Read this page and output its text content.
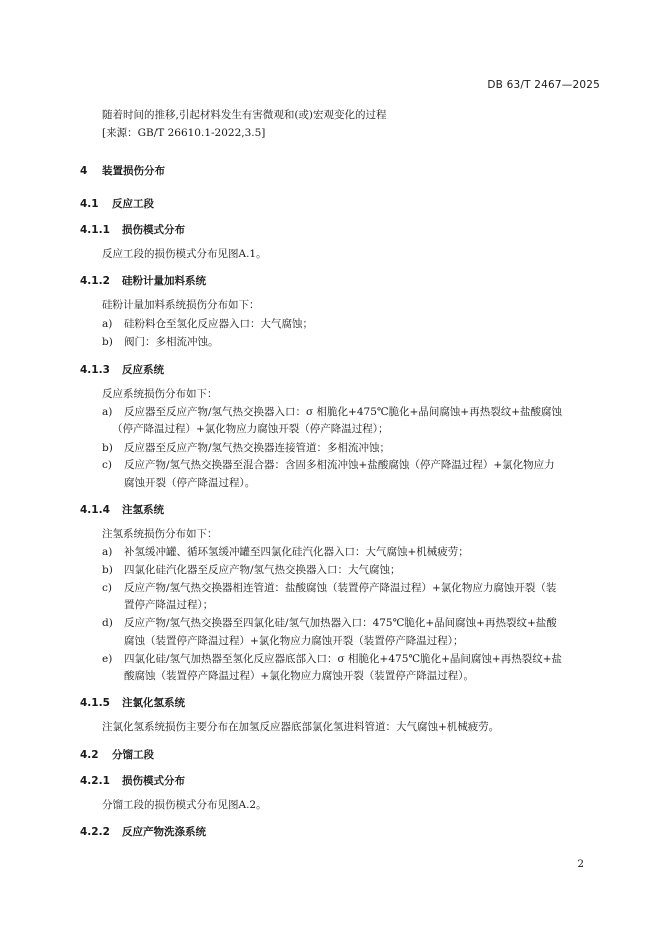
DB 63/T 2467—2025
随着时间的推移,引起材料发生有害微观和(或)宏观变化的过程
[来源：GB/T 26610.1-2022,3.5]
4 装置损伤分布
4.1 反应工段
4.1.1 损伤模式分布
反应工段的损伤模式分布见图A.1。
4.1.2 硅粉计量加料系统
硅粉计量加料系统损伤分布如下：
a) 硅粉料仓至氢化反应器入口：大气腐蚀；
b) 阀门：多相流冲蚀。
4.1.3 反应系统
反应系统损伤分布如下：
a) 反应器至反应产物/氢气热交换器入口：σ 相脆化+475℃脆化+晶间腐蚀+再热裂纹+盐酸腐蚀
（停产降温过程）+氯化物应力腐蚀开裂（停产降温过程）；
b) 反应器至反应产物/氢气热交换器连接管道：多相流冲蚀；
c) 反应产物/氢气热交换器至混合器：含固多相流冲蚀+盐酸腐蚀（停产降温过程）+氯化物应力
腐蚀开裂（停产降温过程）。
4.1.4 注氢系统
注氢系统损伤分布如下：
a) 补氢缓冲罐、循环氢缓冲罐至四氯化硅汽化器入口：大气腐蚀+机械疲劳；
b) 四氯化硅汽化器至反应产物/氢气热交换器入口：大气腐蚀；
c) 反应产物/氢气热交换器相连管道：盐酸腐蚀（装置停产降温过程）+氯化物应力腐蚀开裂（装
置停产降温过程）；
d) 反应产物/氢气热交换器至四氯化硅/氢气加热器入口：475℃脆化+晶间腐蚀+再热裂纹+盐酸
腐蚀（装置停产降温过程）+氯化物应力腐蚀开裂（装置停产降温过程）；
e) 四氯化硅/氢气加热器至氢化反应器底部入口：σ 相脆化+475℃脆化+晶间腐蚀+再热裂纹+盐
酸腐蚀（装置停产降温过程）+氯化物应力腐蚀开裂（装置停产降温过程）。
4.1.5 注氯化氢系统
注氯化氢系统损伤主要分布在加氢反应器底部氯化氢进料管道：大气腐蚀+机械疲劳。
4.2 分馏工段
4.2.1 损伤模式分布
分馏工段的损伤模式分布见图A.2。
4.2.2 反应产物洗涤系统
2
